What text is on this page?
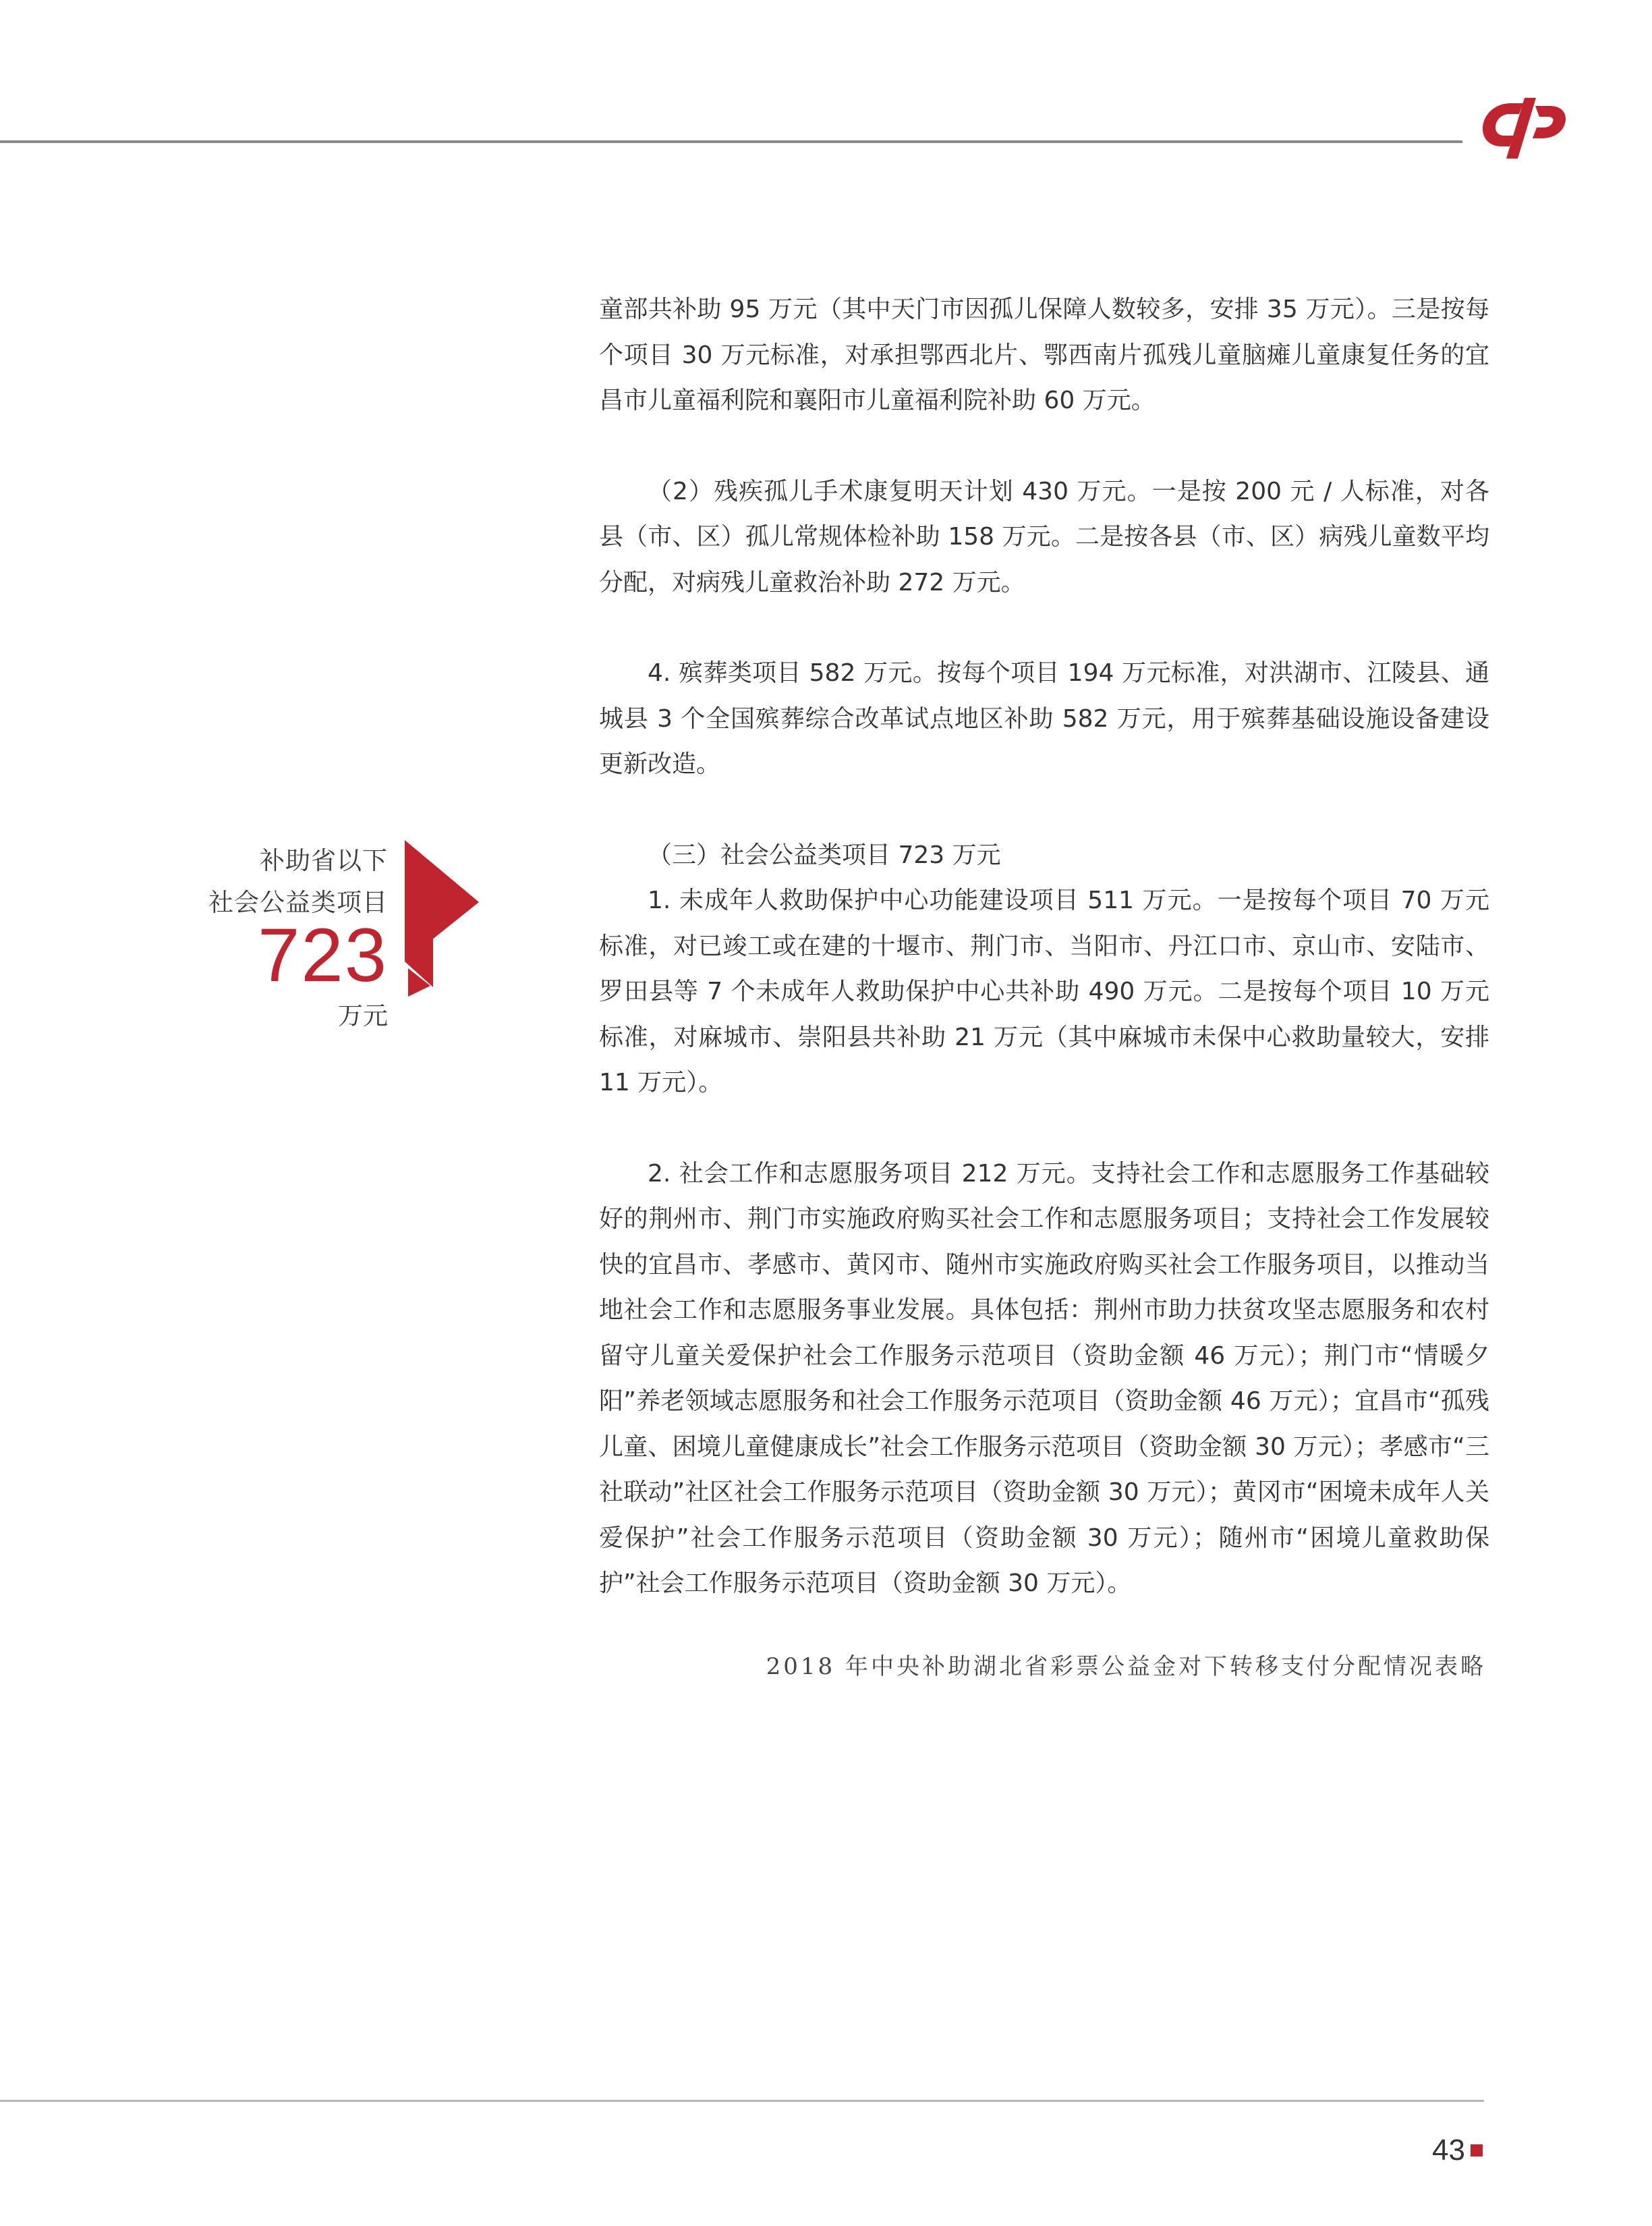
补助省以下
社会公益类项目
723
万元

童部共补助 95 万元（其中天门市因孤儿保障人数较多，安排 35 万元）。三是按每个项目 30 万元标准，对承担鄂西北片、鄂西南片孤残儿童脑瘫儿童康复任务的宜昌市儿童福利院和襄阳市儿童福利院补助 60 万元。

（2）残疾孤儿手术康复明天计划 430 万元。一是按 200 元 / 人标准，对各县（市、区）孤儿常规体检补助 158 万元。二是按各县（市、区）病残儿童数平均分配，对病残儿童救治补助 272 万元。

4. 殡葬类项目 582 万元。按每个项目 194 万元标准，对洪湖市、江陵县、通城县 3 个全国殡葬综合改革试点地区补助 582 万元，用于殡葬基础设施设备建设更新改造。

（三）社会公益类项目 723 万元

1. 未成年人救助保护中心功能建设项目 511 万元。一是按每个项目 70 万元标准，对已竣工或在建的十堰市、荆门市、当阳市、丹江口市、京山市、安陆市、罗田县等 7 个未成年人救助保护中心共补助 490 万元。二是按每个项目 10 万元标准，对麻城市、崇阳县共补助 21 万元（其中麻城市未保中心救助量较大，安排 11 万元）。

2. 社会工作和志愿服务项目 212 万元。支持社会工作和志愿服务工作基础较好的荆州市、荆门市实施政府购买社会工作和志愿服务项目；支持社会工作发展较快的宜昌市、孝感市、黄冈市、随州市实施政府购买社会工作服务项目，以推动当地社会工作和志愿服务事业发展。具体包括：荆州市助力扶贫攻坚志愿服务和农村留守儿童关爱保护社会工作服务示范项目（资助金额 46 万元）；荆门市“情暖夕阳”养老领域志愿服务和社会工作服务示范项目（资助金额 46 万元）；宜昌市“孤残儿童、困境儿童健康成长”社会工作服务示范项目（资助金额 30 万元）；孝感市“三社联动”社区社会工作服务示范项目（资助金额 30 万元）；黄冈市“困境未成年人关爱保护”社会工作服务示范项目（资助金额 30 万元）；随州市“困境儿童救助保护”社会工作服务示范项目（资助金额 30 万元）。

2018 年中央补助湖北省彩票公益金对下转移支付分配情况表略
43
